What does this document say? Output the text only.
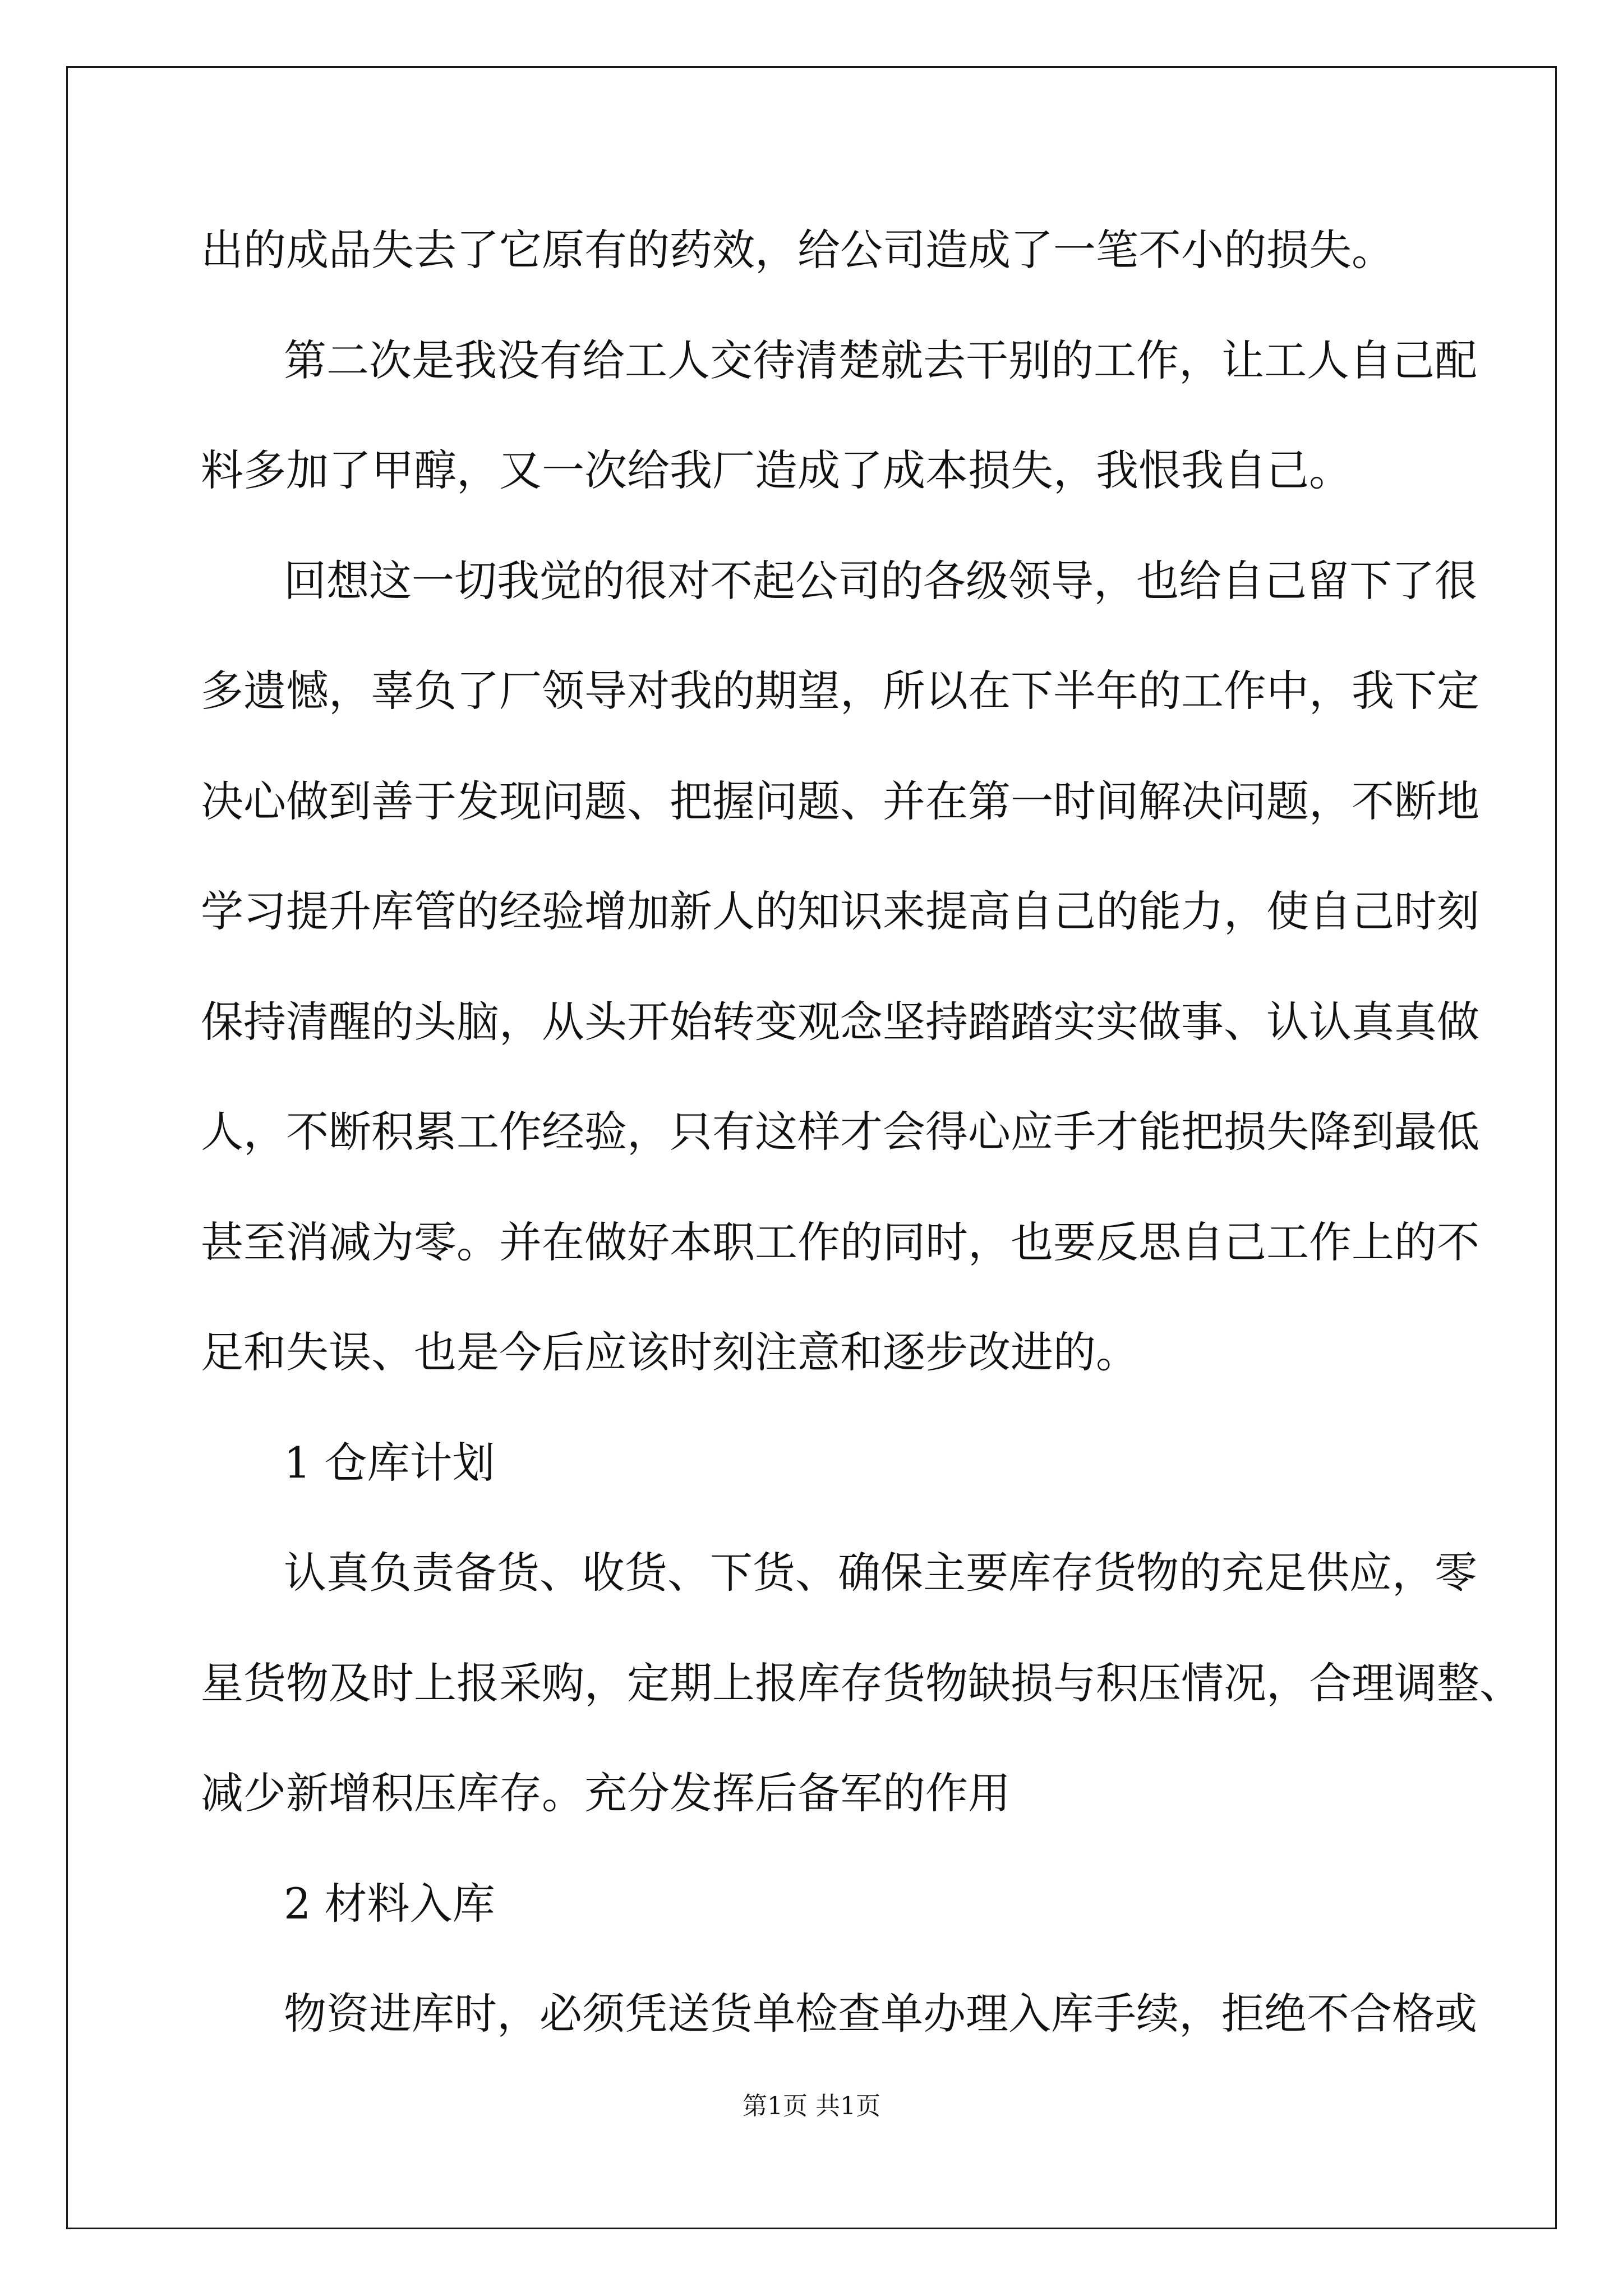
出的成品失去了它原有的药效，给公司造成了一笔不小的损失。
第二次是我没有给工人交待清楚就去干别的工作，让工人自己配
料多加了甲醇，又一次给我厂造成了成本损失，我恨我自己。
回想这一切我觉的很对不起公司的各级领导，也给自己留下了很
多遗憾，辜负了厂领导对我的期望，所以在下半年的工作中，我下定
决心做到善于发现问题、把握问题、并在第一时间解决问题，不断地
学习提升库管的经验增加新人的知识来提高自己的能力，使自己时刻
保持清醒的头脑，从头开始转变观念坚持踏踏实实做事、认认真真做
人，不断积累工作经验，只有这样才会得心应手才能把损失降到最低
甚至消减为零。并在做好本职工作的同时，也要反思自己工作上的不
足和失误、也是今后应该时刻注意和逐步改进的。
1 仓库计划
认真负责备货、收货、下货、确保主要库存货物的充足供应，零
星货物及时上报采购，定期上报库存货物缺损与积压情况，合理调整、
减少新增积压库存。充分发挥后备军的作用
2 材料入库
物资进库时，必须凭送货单检查单办理入库手续，拒绝不合格或
第1页 共1页
